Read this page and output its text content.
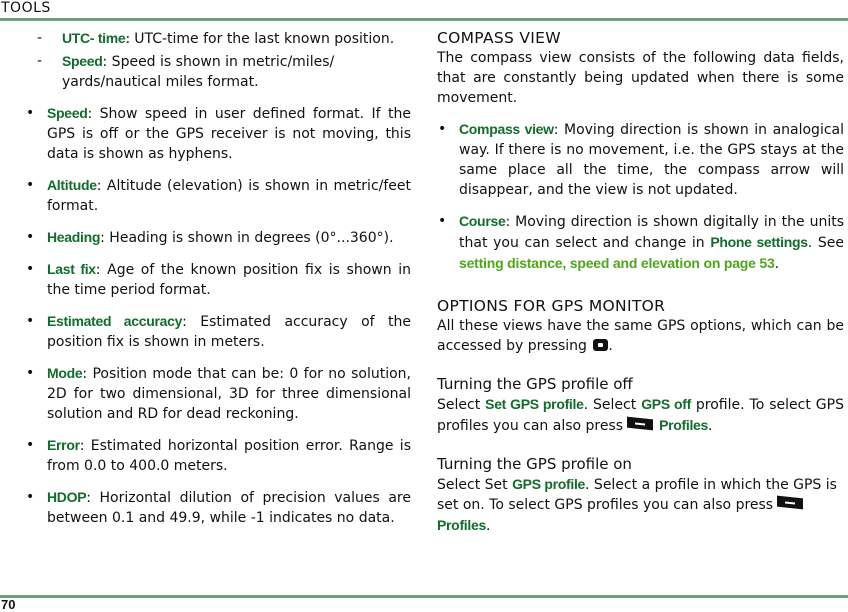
TOOLS
- UTC- time: UTC-time for the last known position.

- Speed: Speed is shown in metric/miles/ yards/nautical miles format.

• Speed: Show speed in user defined format. If the GPS is off or the GPS receiver is not moving, this data is shown as hyphens.

• Altitude: Altitude (elevation) is shown in metric/feet format.

• Heading: Heading is shown in degrees (0°...360°).

• Last fix: Age of the known position fix is shown in the time period format.

• Estimated accuracy: Estimated accuracy of the position fix is shown in meters.

• Mode: Position mode that can be: 0 for no solution, 2D for two dimensional, 3D for three dimensional solution and RD for dead reckoning.

• Error: Estimated horizontal position error. Range is from 0.0 to 400.0 meters.

• HDOP: Horizontal dilution of precision values are between 0.1 and 49.9, while -1 indicates no data.

COMPASS VIEW

The compass view consists of the following data fields, that are constantly being updated when there is some movement.

• Compass view: Moving direction is shown in analogical way. If there is no movement, i.e. the GPS stays at the same place all the time, the compass arrow will disappear, and the view is not updated.

• Course: Moving direction is shown digitally in the units that you can select and change in Phone settings. See setting distance, speed and elevation on page 53.

OPTIONS FOR GPS MONITOR

All these views have the same GPS options, which can be accessed by pressing .

Turning the GPS profile off

Select Set GPS profile. Select GPS off profile. To select GPS profiles you can also press	Profiles.

Turning the GPS profile on

Select Set GPS profile. Select a profile in which the GPS is set on. To select GPS profiles you can also pressProfiles.

70
